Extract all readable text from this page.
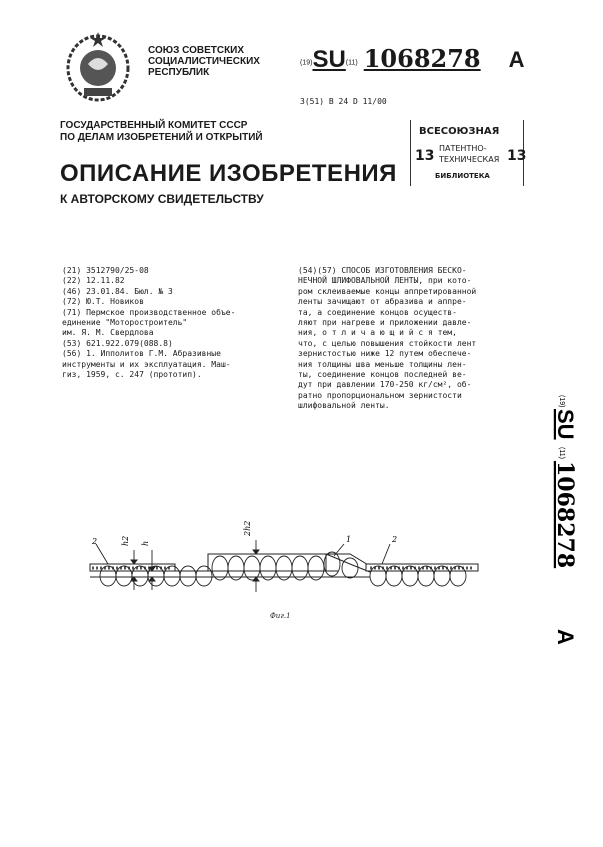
СОЮЗ СОВЕТСКИХ
СОЦИАЛИСТИЧЕСКИХ
РЕСПУБЛИК
(19)SU(11) 1068278 A
3(51) В 24 D 11/00
ГОСУДАРСТВЕННЫЙ КОМИТЕТ СССР
ПО ДЕЛАМ ИЗОБРЕТЕНИЙ И ОТКРЫТИЙ
ОПИСАНИЕ ИЗОБРЕТЕНИЯ
К АВТОРСКОМУ СВИДЕТЕЛЬСТВУ
ВСЕСОЮЗНАЯ
13 ПАТЕНТНО-
ТЕХНИЧЕСКАЯ 13
БИБЛИОТЕКА
(21) 3512790/25-08
(22) 12.11.82
(46) 23.01.84. Бюл. № 3
(72) Ю.Т. Новиков
(71) Пермское производственное объе-
единение "Моторостроитель"
им. Я. М. Свердлова
(53) 621.922.079(088.8)
(56) 1. Ипполитов Г.М. Абразивные
инструменты и их эксплуатация. Маш-
гиз, 1959, с. 247 (прототип).
(54)(57) СПОСОБ ИЗГОТОВЛЕНИЯ БЕСКО-
НЕЧНОЙ ШЛИФОВАЛЬНОЙ ЛЕНТЫ, при кото-
ром склеиваемые концы аппретированной
ленты зачищают от абразива и аппре-
та, а соединение концов осуществ-
ляют при нагреве и приложении давле-
ния, о т л и ч а ю щ и й с я тем,
что, с целью повышения стойкости лент
зернистостью ниже 12 путем обеспече-
ния толщины шва меньше толщины лен-
ты, соединение концов последней ве-
дут при давлении 170-250 кг/см², об-
ратно пропорциональном зернистости
шлифовальной ленты.	(19)
SU
(11)
1068278
A
2	h2 h
2h2
1	2
Фиг.1
